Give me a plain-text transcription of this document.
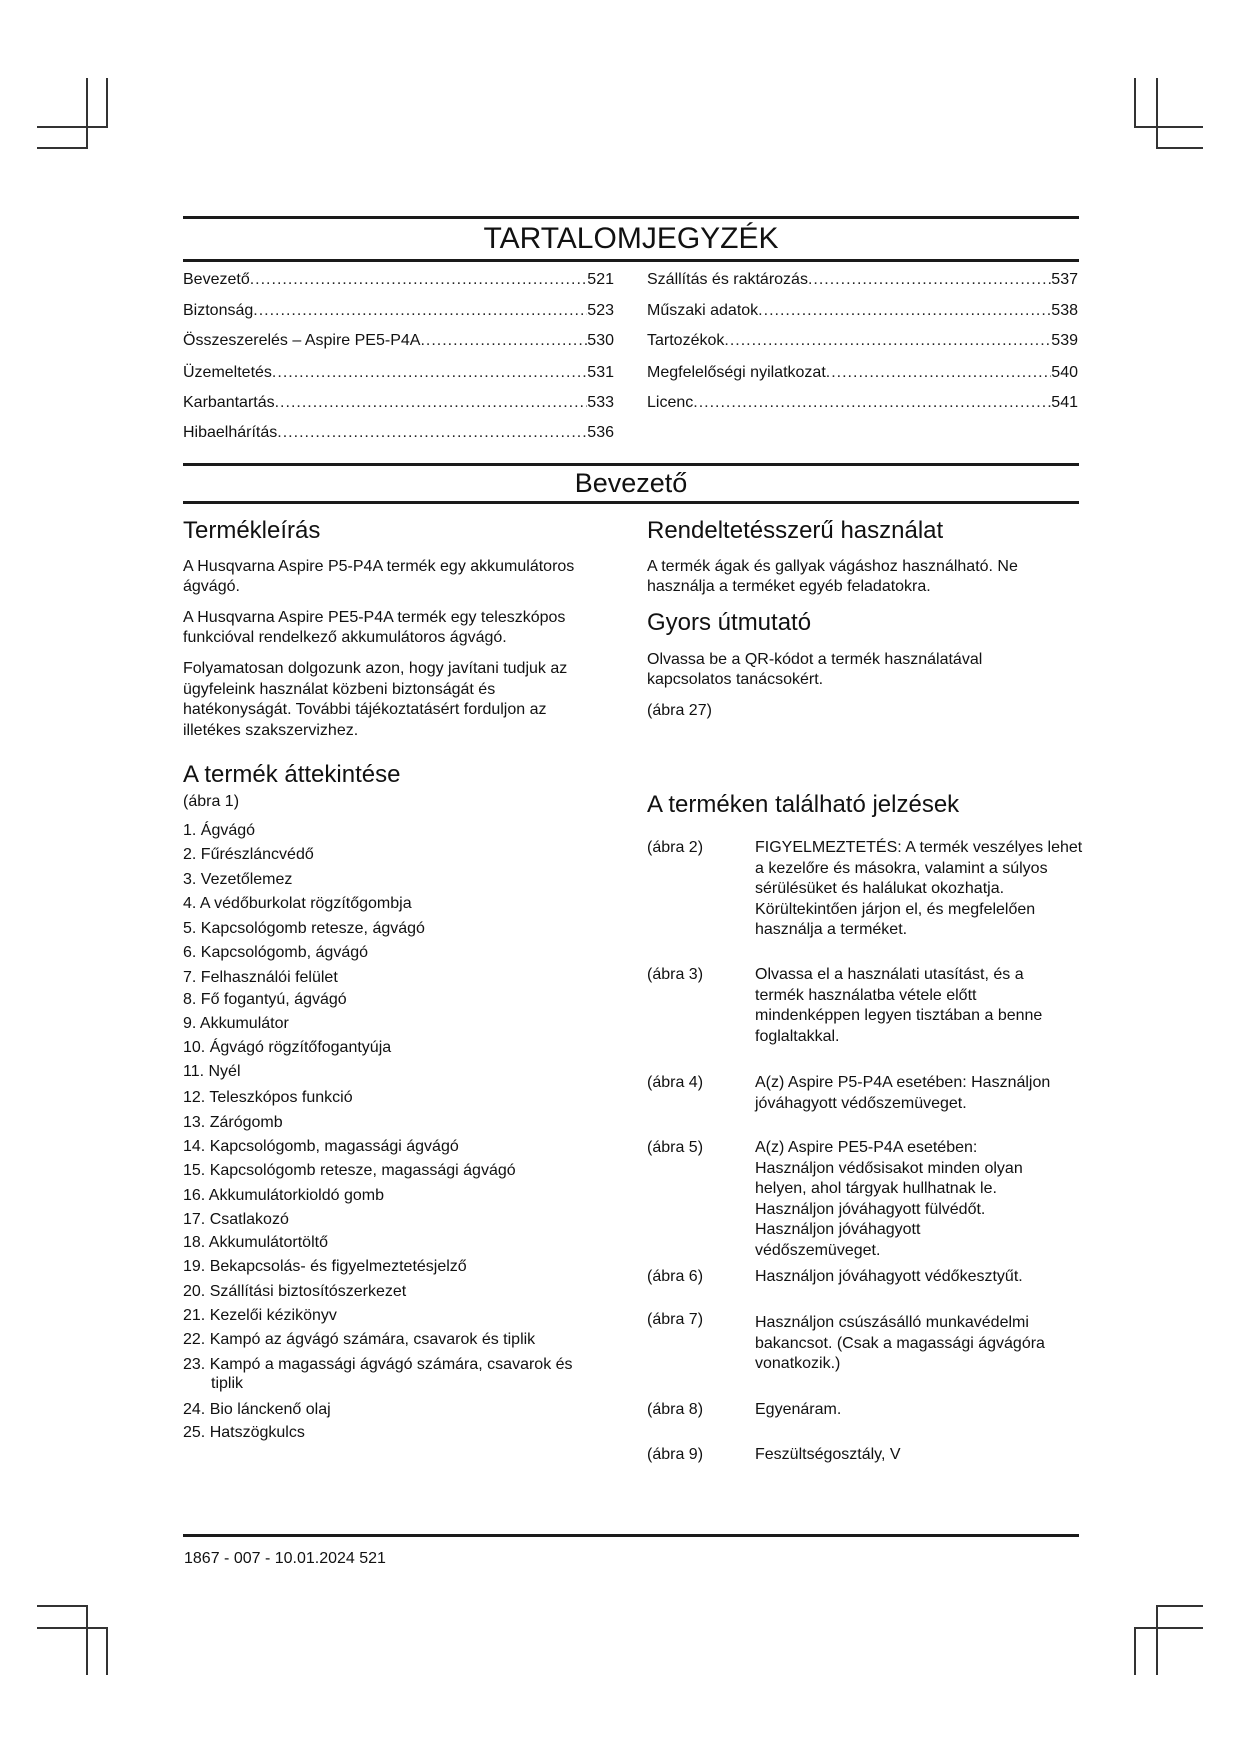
TARTALOMJEGYZÉK
Bevezető .....	521
Biztonság .....	523
Összeszerelés – Aspire PE5-P4A .....	530
Üzemeltetés .....	531
Karbantartás .....	533
Hibaelhárítás .....	536
Szállítás és raktározás .....	537
Műszaki adatok .....	538
Tartozékok .....	539
Megfelelőségi nyilatkozat .....	540
Licenc .....	541
Bevezető
Termékleírás
A Husqvarna Aspire P5-P4A termék egy akkumulátoros ágvágó.
A Husqvarna Aspire PE5-P4A termék egy teleszkópos funkcióval rendelkező akkumulátoros ágvágó.
Folyamatosan dolgozunk azon, hogy javítani tudjuk az ügyfeleink használat közbeni biztonságát és hatékonyságát. További tájékoztatásért forduljon az illetékes szakszervizhez.
A termék áttekintése
(ábra 1)
1. Ágvágó
2. Fűrészláncvédő
3. Vezetőlemez
4. A védőburkolat rögzítőgombja
5. Kapcsológomb retesze, ágvágó
6. Kapcsológomb, ágvágó
7. Felhasználói felület
8. Fő fogantyú, ágvágó
9. Akkumulátor
10. Ágvágó rögzítőfogantyúja
11. Nyél
12. Teleszkópos funkció
13. Zárógomb
14. Kapcsológomb, magassági ágvágó
15. Kapcsológomb retesze, magassági ágvágó
16. Akkumulátorkioldó gomb
17. Csatlakozó
18. Akkumulátortöltő
19. Bekapcsolás- és figyelmeztetésjelző
20. Szállítási biztosítószerkezet
21. Kezelői kézikönyv
22. Kampó az ágvágó számára, csavarok és tiplik
23. Kampó a magassági ágvágó számára, csavarok és
tiplik
24. Bio lánckenő olaj
25. Hatszögkulcs
Rendeltetésszerű használat
A termék ágak és gallyak vágáshoz használható. Ne használja a terméket egyéb feladatokra.
Gyors útmutató
Olvassa be a QR-kódot a termék használatával kapcsolatos tanácsokért.
(ábra 27)
A terméken található jelzések
(ábra 2)	FIGYELMEZTETÉS: A termék veszélyes lehet a kezelőre és másokra, valamint a súlyos sérülésüket és halálukat okozhatja. Körültekintően járjon el, és megfelelően használja a terméket.
(ábra 3)	Olvassa el a használati utasítást, és a termék használatba vétele előtt mindenképpen legyen tisztában a benne foglaltakkal.
(ábra 4)	A(z) Aspire P5-P4A esetében: Használjon jóváhagyott védőszemüveget.
(ábra 5)	A(z) Aspire PE5-P4A esetében: Használjon védősisakot minden olyan helyen, ahol tárgyak hullhatnak le. Használjon jóváhagyott fülvédőt. Használjon jóváhagyott védőszemüveget.
(ábra 6)	Használjon jóváhagyott védőkesztyűt.
(ábra 7)	Használjon csúszásálló munkavédelmi bakancsot. (Csak a magassági ágvágóra vonatkozik.)
(ábra 8)	Egyenáram.
(ábra 9)	Feszültségosztály, V
1867 - 007 - 10.01.2024 521
